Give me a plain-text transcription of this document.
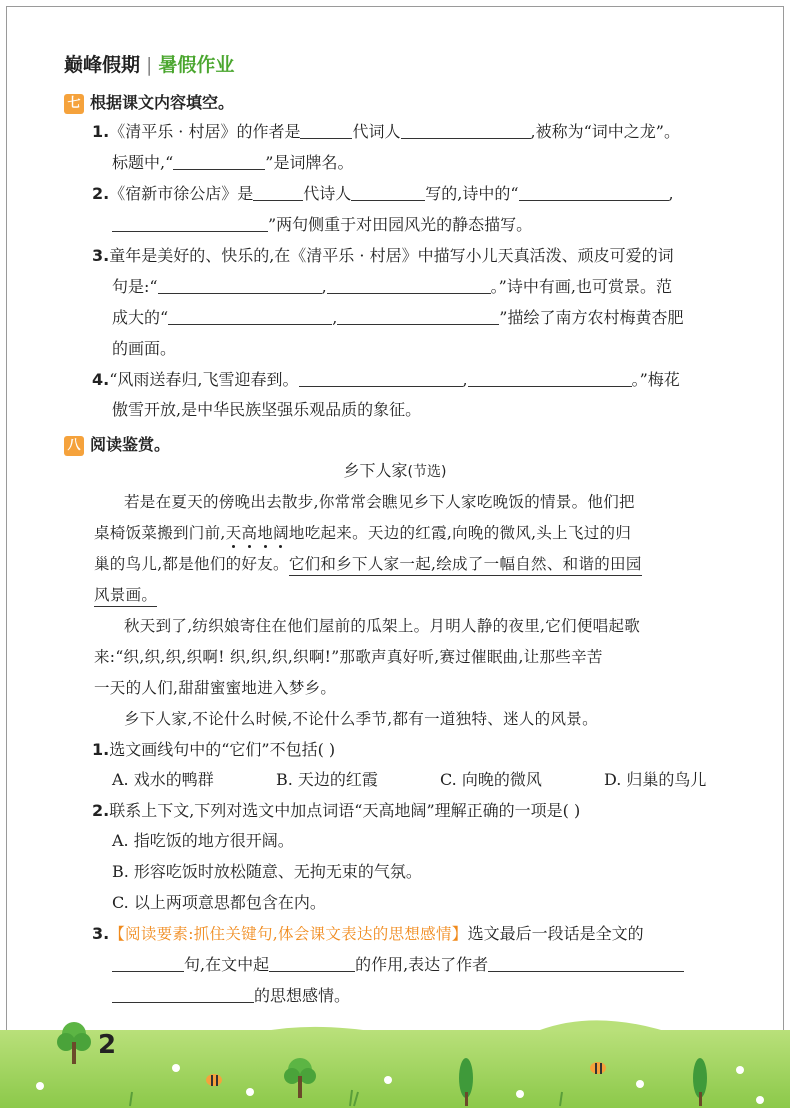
巅峰假期 | 暑假作业
七 根据课文内容填空。
1.《清平乐 · 村居》的作者是	代词人	,被称为“词中之龙”。
标题中,“	”是词牌名。
2.《宿新市徐公店》是	代诗人	写的,诗中的“	,
”两句侧重于对田园风光的静态描写。
3.童年是美好的、快乐的,在《清平乐 · 村居》中描写小儿天真活泼、顽皮可爱的词
句是:“	,	。”诗中有画,也可赏景。范
成大的“	,	”描绘了南方农村梅黄杏肥
的画面。
4.“风雨送春归,飞雪迎春到。	,	。”梅花
傲雪开放,是中华民族坚强乐观品质的象征。
八 阅读鉴赏。
乡下人家(节选)
若是在夏天的傍晚出去散步,你常常会瞧见乡下人家吃晚饭的情景。他们把
桌椅饭菜搬到门前,天高地阔地吃起来。天边的红霞,向晚的微风,头上飞过的归
巢的鸟儿,都是他们的好友。它们和乡下人家一起,绘成了一幅自然、和谐的田园
风景画。
秋天到了,纺织娘寄住在他们屋前的瓜架上。月明人静的夜里,它们便唱起歌
来:“织,织,织,织啊! 织,织,织,织啊!”那歌声真好听,赛过催眠曲,让那些辛苦
一天的人们,甜甜蜜蜜地进入梦乡。
乡下人家,不论什么时候,不论什么季节,都有一道独特、迷人的风景。
1.选文画线句中的“它们”不包括( )
A. 戏水的鸭群	B. 天边的红霞	C. 向晚的微风	D. 归巢的鸟儿
2.联系上下文,下列对选文中加点词语“天高地阔”理解正确的一项是( )
A. 指吃饭的地方很开阔。
B. 形容吃饭时放松随意、无拘无束的气氛。
C. 以上两项意思都包含在内。
3.【阅读要素:抓住关键句,体会课文表达的思想感情】选文最后一段话是全文的
句,在文中起	的作用,表达了作者
的思想感情。
2
